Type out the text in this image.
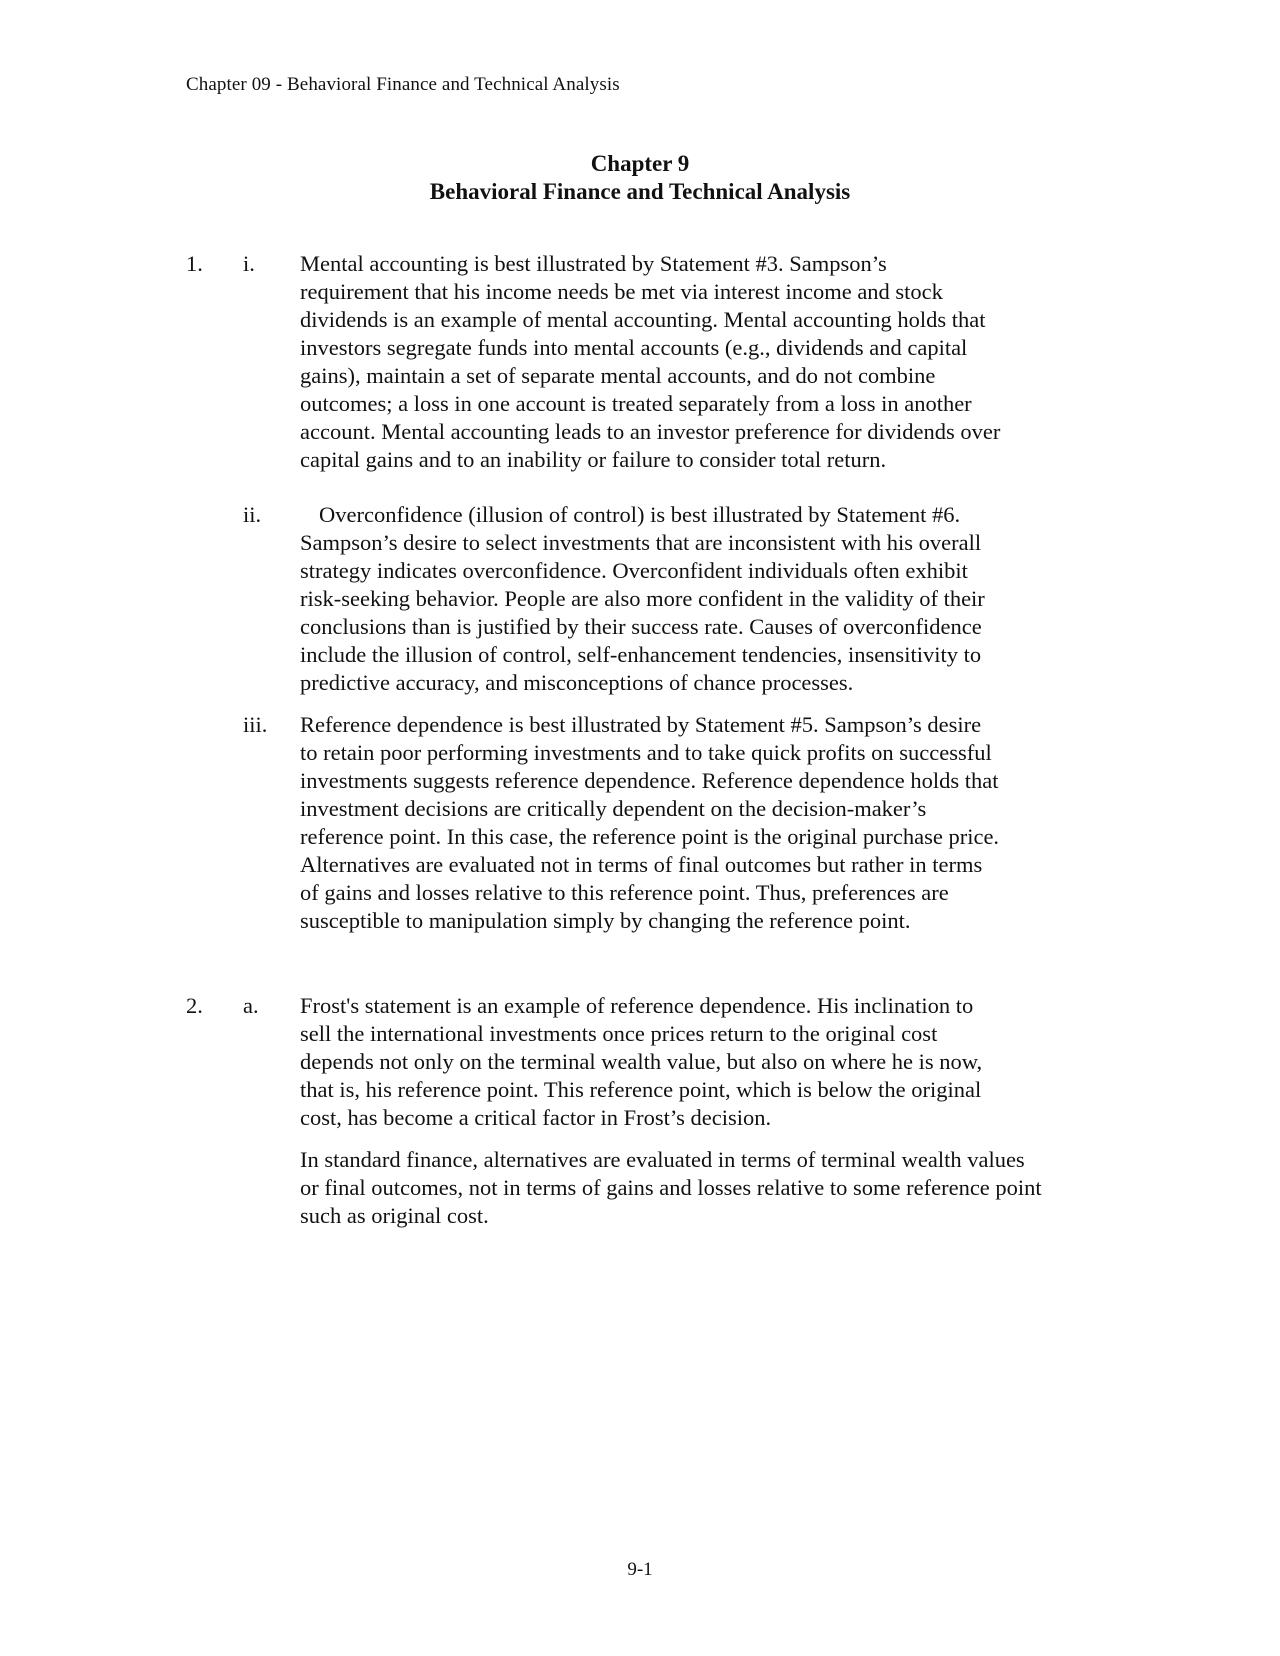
Chapter 09 - Behavioral Finance and Technical Analysis
Chapter 9
Behavioral Finance and Technical Analysis
1. i. Mental accounting is best illustrated by Statement #3. Sampson’s
requirement that his income needs be met via interest income and stock
dividends is an example of mental accounting. Mental accounting holds that
investors segregate funds into mental accounts (e.g., dividends and capital
gains), maintain a set of separate mental accounts, and do not combine
outcomes; a loss in one account is treated separately from a loss in another
account. Mental accounting leads to an investor preference for dividends over
capital gains and to an inability or failure to consider total return.
ii.	Overconfidence (illusion of control) is best illustrated by Statement #6.
Sampson’s desire to select investments that are inconsistent with his overall
strategy indicates overconfidence. Overconfident individuals often exhibit
risk-seeking behavior. People are also more confident in the validity of their
conclusions than is justified by their success rate. Causes of overconfidence
include the illusion of control, self-enhancement tendencies, insensitivity to
predictive accuracy, and misconceptions of chance processes.
iii. Reference dependence is best illustrated by Statement #5. Sampson’s desire
to retain poor performing investments and to take quick profits on successful
investments suggests reference dependence. Reference dependence holds that
investment decisions are critically dependent on the decision-maker’s
reference point. In this case, the reference point is the original purchase price.
Alternatives are evaluated not in terms of final outcomes but rather in terms
of gains and losses relative to this reference point. Thus, preferences are
susceptible to manipulation simply by changing the reference point.
2. a. Frost's statement is an example of reference dependence. His inclination to
sell the international investments once prices return to the original cost
depends not only on the terminal wealth value, but also on where he is now,
that is, his reference point. This reference point, which is below the original
cost, has become a critical factor in Frost’s decision.
In standard finance, alternatives are evaluated in terms of terminal wealth values
or final outcomes, not in terms of gains and losses relative to some reference point
such as original cost.
9-1
